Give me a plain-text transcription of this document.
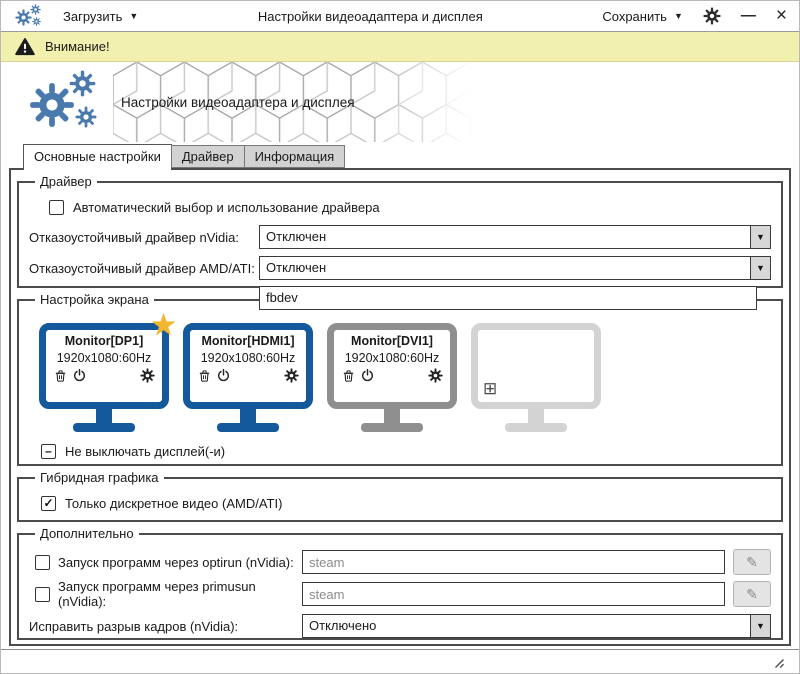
Загрузить ▼	Настройки видеоадаптера и дисплея	Сохранить ▼	— ×
Внимание!
Настройки видеоадаптера и дисплея
Основные настройки	Драйвер	Информация
Драйвер
Автоматический выбор и использование драйвера
Отказоустойчивый драйвер nVidia:	Отключен	▼
Отказоустойчивый драйвер AMD/ATI: Отключен	▼
fbdev
Настройка экрана
★
Monitor[DP1]
1920x1080:60Hz
Monitor[HDMI1]
1920x1080:60Hz
Monitor[DVI1]
1920x1080:60Hz
⊞
– Не выключать дисплей(-и)
Гибридная графика
✓ Только дискретное видео (AMD/ATI)
Дополнительно
Запуск программ через optirun (nVidia):
steam	✎
Запуск программ через primusun (nVidia):
steam	✎
Исправить разрыв кадров (nVidia):	Отключено	▼
